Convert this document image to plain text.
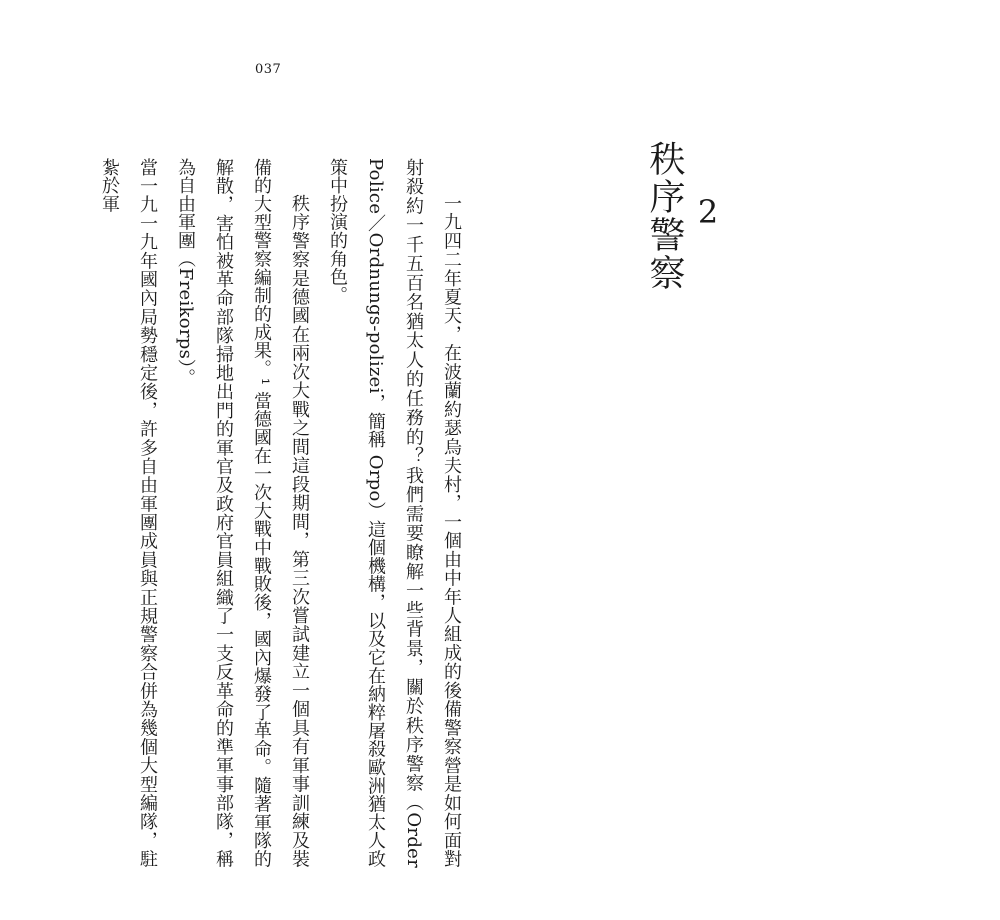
037
2
秩序警察

一九四二年夏天，在波蘭約瑟烏夫村，一個由中年人組成的後備警察營是如何面對射殺約一千五百名猶太人的任務的？我們需要瞭解一些背景，關於秩序警察（Order Police／Ordnungs-polizei，簡稱 Orpo）這個機構，以及它在納粹屠殺歐洲猶太人政策中扮演的角色。

秩序警察是德國在兩次大戰之間這段期間，第三次嘗試建立一個具有軍事訓練及裝備的大型警察編制的成果。¹ 當德國在一次大戰中戰敗後，國內爆發了革命。隨著軍隊的解散，害怕被革命部隊掃地出門的軍官及政府官員組織了一支反革命的準軍事部隊，稱為自由軍團（Freikorps）。

當一九一九年國內局勢穩定後，許多自由軍團成員與正規警察合併為幾個大型編隊，駐紮於軍
